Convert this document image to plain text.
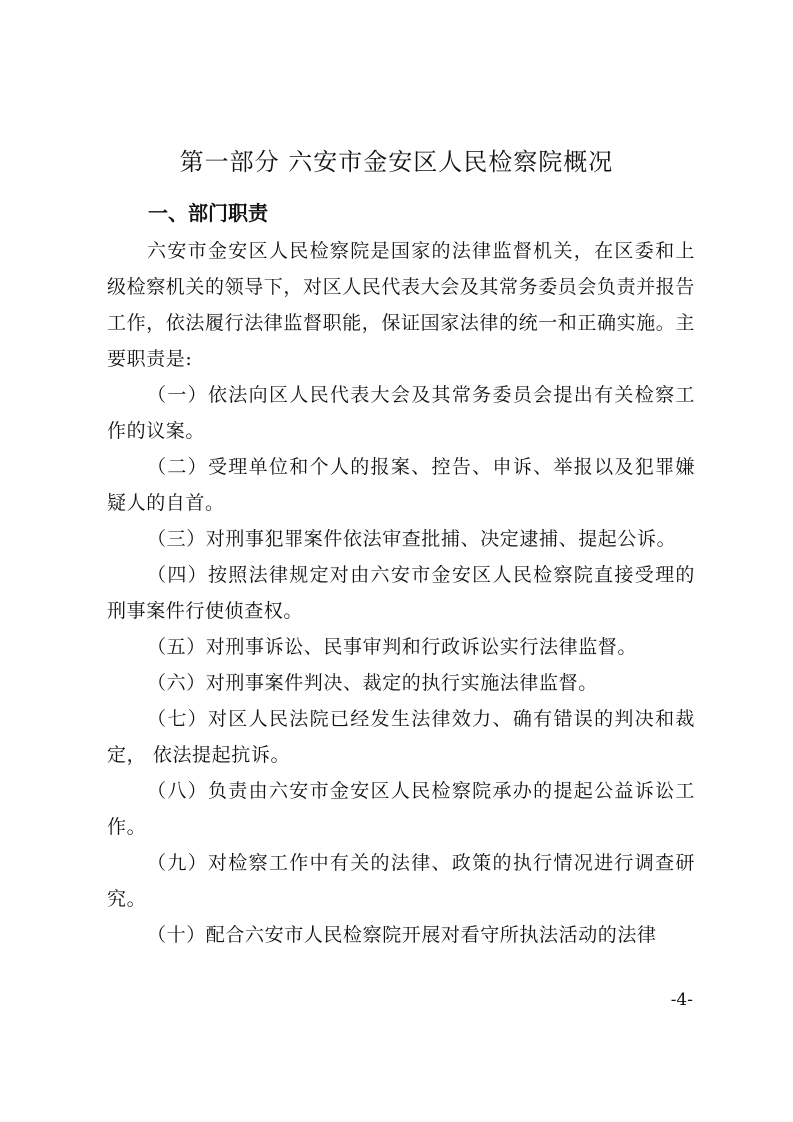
第一部分 六安市金安区人民检察院概况
一、部门职责

六安市金安区人民检察院是国家的法律监督机关，在区委和上级检察机关的领导下，对区人民代表大会及其常务委员会负责并报告工作，依法履行法律监督职能，保证国家法律的统一和正确实施。主要职责是:

（一）依法向区人民代表大会及其常务委员会提出有关检察工作的议案。

（二）受理单位和个人的报案、控告、申诉、举报以及犯罪嫌疑人的自首。

（三）对刑事犯罪案件依法审查批捕、决定逮捕、提起公诉。

（四）按照法律规定对由六安市金安区人民检察院直接受理的刑事案件行使侦查权。

（五）对刑事诉讼、民事审判和行政诉讼实行法律监督。

（六）对刑事案件判决、裁定的执行实施法律监督。

（七）对区人民法院已经发生法律效力、确有错误的判决和裁定， 依法提起抗诉。

（八）负责由六安市金安区人民检察院承办的提起公益诉讼工作。

（九）对检察工作中有关的法律、政策的执行情况进行调查研究。

（十）配合六安市人民检察院开展对看守所执法活动的法律

-4-
